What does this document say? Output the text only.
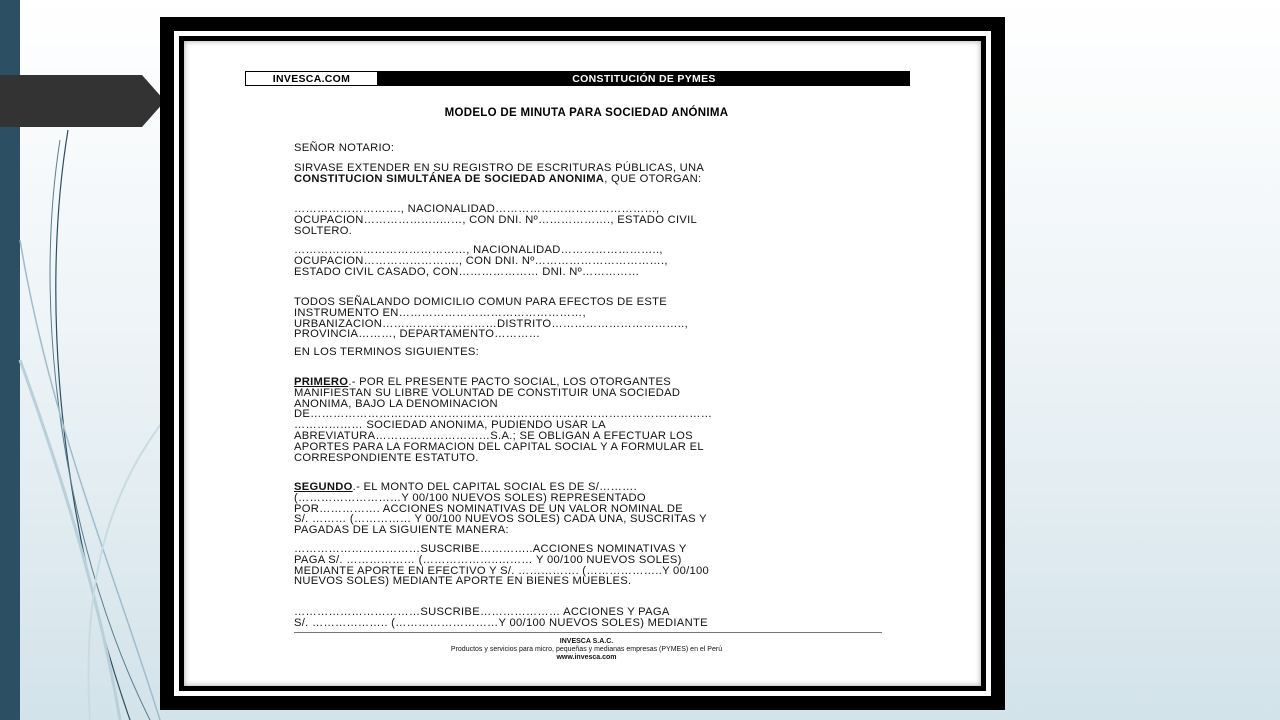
INVESCA.COM	CONSTITUCIÓN DE PYMES
MODELO DE MINUTA PARA SOCIEDAD ANÓNIMA
SEÑOR NOTARIO:
SIRVASE EXTENDER EN SU REGISTRO DE ESCRITURAS PÚBLICAS, UNA
CONSTITUCION SIMULTÁNEA DE SOCIEDAD ANONIMA, QUE OTORGAN:
………………………., NACIONALIDAD……………………………………,
OCUPACION………………..……, CON DNI. Nº………………., ESTADO CIVIL
SOLTERO.
………………………………………, NACIONALIDAD……………………..,
OCUPACION……………………., CON DNI. Nº…………………………….,
ESTADO CIVIL CASADO, CON………………… DNI. Nº……………
TODOS SEÑALANDO DOMICILIO COMUN PARA EFECTOS DE ESTE
INSTRUMENTO EN…………………………………………,
URBANIZACION…………………………DISTRITO……………………………..,
PROVINCIA………, DEPARTAMENTO…………
EN LOS TERMINOS SIGUIENTES:
PRIMERO.- POR EL PRESENTE PACTO SOCIAL, LOS OTORGANTES
MANIFIESTAN SU LIBRE VOLUNTAD DE CONSTITUIR UNA SOCIEDAD
ANONIMA, BAJO LA DENOMINACION
DE……………………………………………………………………………………………
……………… SOCIEDAD ANONIMA, PUDIENDO USAR LA
ABREVIATURA…………………………S.A.; SE OBLIGAN A EFECTUAR LOS
APORTES PARA LA FORMACION DEL CAPITAL SOCIAL Y A FORMULAR EL
CORRESPONDIENTE ESTATUTO.
SEGUNDO.- EL MONTO DEL CAPITAL SOCIAL ES DE S/……….
(………………………Y 00/100 NUEVOS SOLES) REPRESENTADO
POR……………. ACCIONES NOMINATIVAS DE UN VALOR NOMINAL DE
S/. ……… (…………… Y 00/100 NUEVOS SOLES) CADA UNA, SUSCRITAS Y
PAGADAS DE LA SIGUIENTE MANERA:
……………………………SUSCRIBE…………..ACCIONES NOMINATIVAS Y
PAGA S/. ……………… (………………..……… Y 00/100 NUEVOS SOLES)
MEDIANTE APORTE EN EFECTIVO Y S/. ……………. (………………..Y 00/100
NUEVOS SOLES) MEDIANTE APORTE EN BIENES MUEBLES.
……………………………SUSCRIBE………………… ACCIONES Y PAGA
S/. ……………….. (………………………Y 00/100 NUEVOS SOLES) MEDIANTE
INVESCA S.A.C.
Productos y servicios para micro, pequeñas y medianas empresas (PYMES) en el Perú
www.invesca.com
